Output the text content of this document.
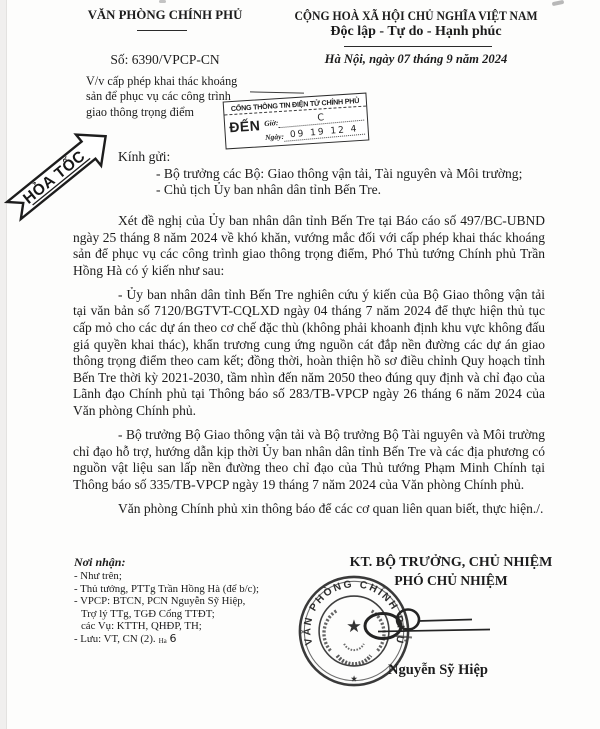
VĂN PHÒNG CHÍNH PHỦ
Số: 6390/VPCP-CN
V/v cấp phép khai thác khoáng
sản để phục vụ các công trình
giao thông trọng điểm
CỘNG HOÀ XÃ HỘI CHỦ NGHĨA VIỆT NAM
Độc lập - Tự do - Hạnh phúc
Hà Nội, ngày 07 tháng 9 năm 2024
CỔNG THÔNG TIN ĐIỆN TỬ CHÍNH PHỦ
ĐẾN Giờ:	C
Ngày: 09 19 12 4
HỎA TỐC Kính gửi:
- Bộ trưởng các Bộ: Giao thông vận tải, Tài nguyên và Môi trường;
- Chủ tịch Ủy ban nhân dân tỉnh Bến Tre.

Xét đề nghị của Ủy ban nhân dân tỉnh Bến Tre tại Báo cáo số 497/BC-UBND ngày 25 tháng 8 năm 2024 về khó khăn, vướng mắc đối với cấp phép khai thác khoáng sản để phục vụ các công trình giao thông trọng điểm, Phó Thủ tướng Chính phủ Trần Hồng Hà có ý kiến như sau:

- Ủy ban nhân dân tỉnh Bến Tre nghiên cứu ý kiến của Bộ Giao thông vận tải tại văn bản số 7120/BGTVT-CQLXD ngày 04 tháng 7 năm 2024 để thực hiện thủ tục cấp mỏ cho các dự án theo cơ chế đặc thù (không phải khoanh định khu vực không đấu giá quyền khai thác), khẩn trương cung ứng nguồn cát đắp nền đường các dự án giao thông trọng điểm theo cam kết; đồng thời, hoàn thiện hồ sơ điều chỉnh Quy hoạch tỉnh Bến Tre thời kỳ 2021-2030, tầm nhìn đến năm 2050 theo đúng quy định và chỉ đạo của Lãnh đạo Chính phủ tại Thông báo số 283/TB-VPCP ngày 26 tháng 6 năm 2024 của Văn phòng Chính phủ.

- Bộ trưởng Bộ Giao thông vận tải và Bộ trưởng Bộ Tài nguyên và Môi trường chỉ đạo hỗ trợ, hướng dẫn kịp thời Ủy ban nhân dân tỉnh Bến Tre và các địa phương có nguồn vật liệu san lấp nền đường theo chỉ đạo của Thủ tướng Phạm Minh Chính tại Thông báo số 335/TB-VPCP ngày 19 tháng 7 năm 2024 của Văn phòng Chính phủ.

Văn phòng Chính phủ xin thông báo để các cơ quan liên quan biết, thực hiện./.

Nơi nhận:
- Như trên;
- Thủ tướng, PTTg Trần Hồng Hà (để b/c);
- VPCP: BTCN, PCN Nguyễn Sỹ Hiệp,
Trợ lý TTg, TGĐ Cổng TTĐT;
các Vụ: KTTH, QHĐP, TH;
- Lưu: VT, CN (2). Ha 6
KT. BỘ TRƯỞNG, CHỦ NHIỆM
PHÓ CHỦ NHIỆM
VĂN PHÒNG CHÍNH PHỦ
★
★
Nguyễn Sỹ Hiệp
